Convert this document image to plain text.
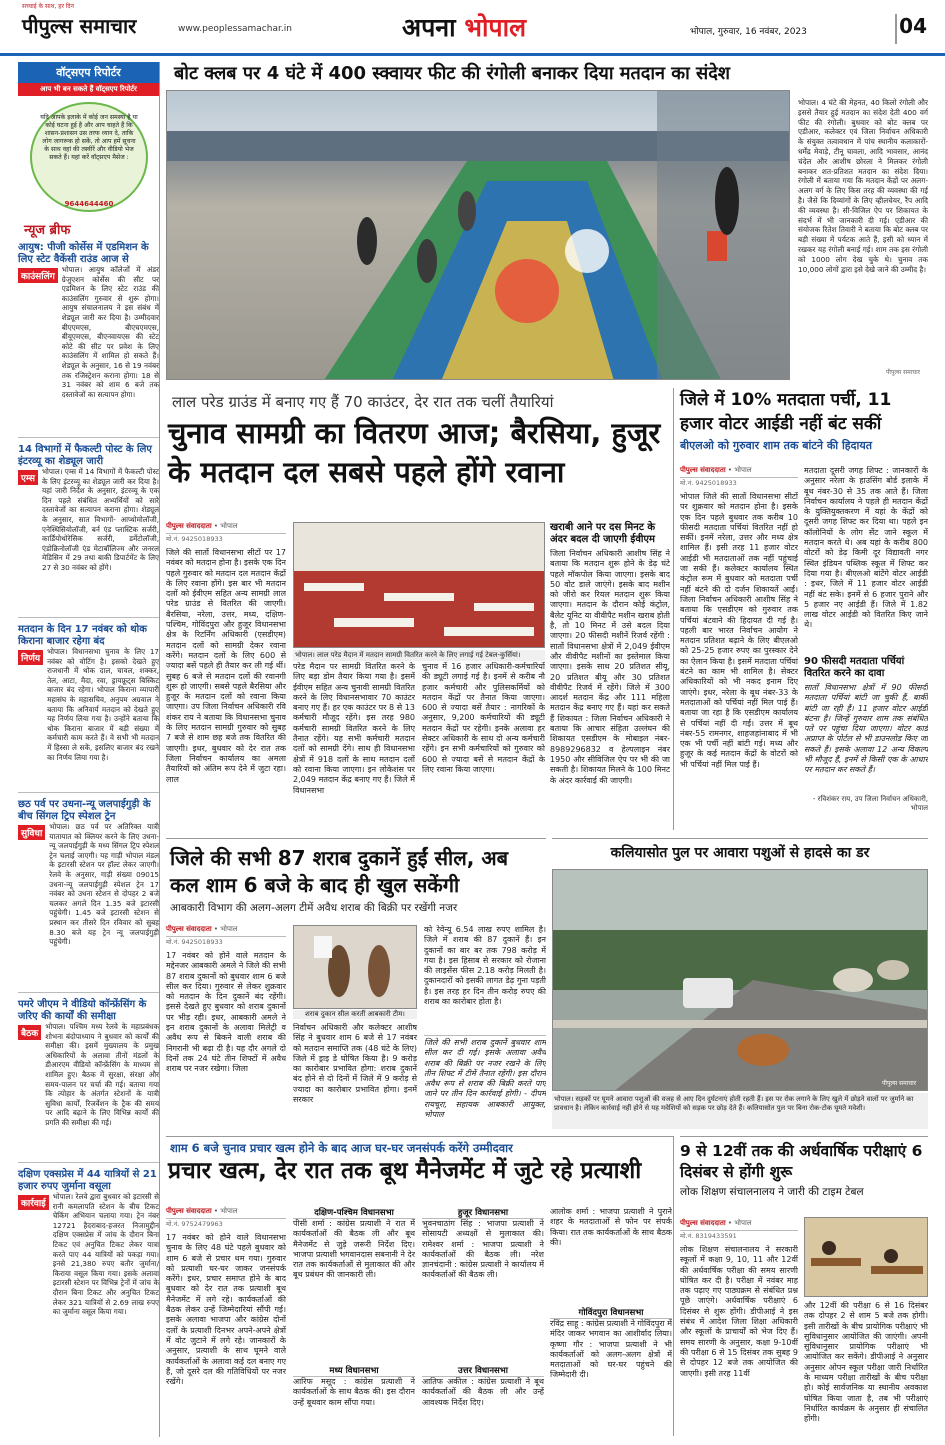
पीपुल्स समाचार
सच्चाई के साथ, हर दिन
www.peoplessamachar.in	अपना भोपाल	भोपाल, गुरुवार, 16 नवंबर, 2023	04
वॉट्सएप रिपोर्टर
आप भी बन सकते हैं वॉट्सएप रिपोर्टर
यदि आपके इलाके में कोई जन समस्या है या कोई घटना हुई है और आप चाहते हैं कि शासन-प्रशासन उस तरफ ध्यान दे, ताकि लोग जागरूक हो सकें, तो आप हमें सूचना के साथ वहां की तस्वीरें और वीडियो भेज सकते हैं। यहां करें वॉट्सएप मैसेज :
9644644460
न्यूज ब्रीफ
आयुष: पीजी कोर्सेस में एडमिशन के लिए स्टेट वैकेंसी राउंड आज से
काउंसलिंग
भोपाल। आयुष कॉलेजों में अंडर ग्रेजुएशन कोर्सेस की सीट पर एडमिशन के लिए स्टेट राउंड की काउंसलिंग गुरुवार से शुरू होगा। आयुष संचालनालय ने इस संबंध में शेड्यूल जारी कर दिया है। उम्मीदवार बीएएमएस, बीएचएमएस, बीयूएमएस, बीएनवायएस की स्टेट कोटे की सीट पर प्रवेश के लिए काउंसलिंग में शामिल हो सकते हैं। शेड्यूल के अनुसार, 16 से 19 नवंबर तक रजिस्ट्रेशन कराना होगा। 18 से 31 नवंबर को शाम 6 बजे तक दस्तावेजों का सत्यापन होगा।
14 विभागों में फैकल्टी पोस्ट के लिए इंटरव्यू का शेड्यूल जारी
एम्स
भोपाल। एम्स में 14 विभागों में फैकल्टी पोस्ट के लिए इंटरव्यू का शेड्यूल जारी कर दिया है। यहां जारी निर्देश के अनुसार, इंटरव्यू के एक दिन पहले संबंधित अभ्यर्थियों को सारे दस्तावेजों का सत्यापन कराना होगा। शेड्यूल के अनुसार, सात विभागों- आप्थोमोलॉजी, एनेस्थिसियोलॉजी, बर्न एंड प्लास्टिक सर्जरी, कार्डियोथोरेसिक सर्जरी, डर्मेटोलॉजी, एंडोक्रिनोलॉजी एंड मेटाबॉलिज्म और जनरल मेडिसिन में 29 तथा बाकी डिपार्टमेंट के लिए 27 से 30 नवंबर को होंगे।
मतदान के दिन 17 नवंबर को थोक किराना बाजार रहेगा बंद
निर्णय
भोपाल। विधानसभा चुनाव के लिए 17 नवंबर को वोटिंग है। इसको देखते हुए राजधानी में थोक दाल, चावल, शक्कर, तेल, आटा, मैदा, रवा, ड्रायफ्रूट्स बिस्किट बाजार बंद रहेगा। भोपाल किराना व्यापारी महासंघ के महासचिव, अनुपम अग्रवाल ने बताया कि अनिवार्य मतदान को देखते हुए यह निर्णय लिया गया है। उन्होंने बताया कि थोक किराना बाजार में बड़ी संख्या में कर्मचारी काम करते हैं। वे सभी भी मतदान में हिस्सा ले सकें, इसलिए बाजार बंद रखने का निर्णय लिया गया है।
छठ पर्व पर उधना-न्यू जलपाईगुड़ी के बीच सिंगल ट्रिप स्पेशल ट्रेन
सुविधा
भोपाल। छठ पर्व पर अतिरिक्त यात्री यातायात को क्लियर करने के लिए उधना-न्यू जलपाईगुड़ी के मध्य सिंगल ट्रिप स्पेशल ट्रेन चलाई जाएगी। यह गाड़ी भोपाल मंडल के इटारसी स्टेशन पर हॉल्ट लेकर जाएगी। रेलवे के अनुसार, गाड़ी संख्या 09015 उधना-न्यू जलपाईगुड़ी स्पेशल ट्रेन 17 नवंबर को उधना स्टेशन से दोपहर 2 बजे चलकर अगले दिन 1.35 बजे इटारसी पहुंचेगी। 1.45 बजे इटारसी स्टेशन से प्रस्थान कर तीसरे दिन रविवार को सुबह 8.30 बजे यह ट्रेन न्यू जलपाईगुड़ी पहुंचेगी।
पमरे जीएम ने वीडियो कॉन्फ्रेंसिंग के जरिए की कार्यों की समीक्षा
बैठक
भोपाल। पश्चिम मध्य रेलवे के महाप्रबंधक शोभना बंदोपाध्याय ने बुधवार को कार्यों की समीक्षा की। इसमें मुख्यालय के प्रमुख अधिकारियों के अलावा तीनों मंडलों के डीआरएम वीडियो कॉन्फ्रेंसिंग के माध्यम से शामिल हुए। बैठक में सुरक्षा, संरक्षा और समय-पालन पर चर्चा की गई। बताया गया कि त्योहार के अंतर्गत स्टेशनों के यात्री सुविधा कार्यों, रिजर्वेशन के ट्रैक की समय पर आदि बढ़ाने के लिए विभिन्न कार्यों की प्रगति की समीक्षा की गई।
दक्षिण एक्सप्रेस में 44 यात्रियों से 21 हजार रुपए जुर्माना वसूला
कार्रवाई
भोपाल। रेलवे द्वारा बुधवार को इटारसी से रानी कमलापति स्टेशन के बीच टिकट चेकिंग अभियान चलाया गया। ट्रेन नंबर 12721 हैदराबाद-हजरत निजामुद्दीन दक्षिण एक्सप्रेस में जांच के दौरान बिना टिकट एवं अनुचित टिकट लेकर यात्रा करते पाए 44 यात्रियों को पकड़ा गया। इनसे 21,380 रुपए बतौर जुर्माना/किराया वसूल किया गया। इसके अलावा इटारसी स्टेशन पर विभिन्न ट्रेनों में जांच के दौरान बिना टिकट और अनुचित टिकट लेकर 321 यात्रियों से 2.69 लाख रुपए का जुर्माना वसूल किया गया।
बोट क्लब पर 4 घंटे में 400 स्क्वायर फीट की रंगोली बनाकर दिया मतदान का संदेश
भोपाल। 4 घंटे की मेहनत, 40 किलो रंगोली और इससे तैयार हुई मतदान का संदेश देती 400 वर्ग फीट की रंगोली। बुधवार को बोट क्लब पर एडीआर, कलेक्टर एवं जिला निर्वाचन अधिकारी के संयुक्त तत्वावधान में पांच स्थानीय कलाकारों-धर्मेंद्र मेवाड़े, टीनू चावला, आदि भावसार, आनंद चंदेल और आशीष छोरला ने मिलकर रंगोली बनाकर शत-प्रतिशत मतदान का संदेश दिया। रंगोली में बताया गया कि मतदान केंद्रों पर अलग-अलग वर्ग के लिए किस तरह की व्यवस्था की गई है। जैसे कि दिव्यांगों के लिए व्हीलचेयर, रैंप आदि की व्यवस्था है। सी-विजिल ऐप पर शिकायत के संदर्भ में भी जानकारी दी गई। एडीआर की संयोजक रितेश तिवारी ने बताया कि बोट क्लब पर बड़ी संख्या में पर्यटक आते हैं, इसी को ध्यान में रखकर यह रंगोली बनाई गई। शाम तक इस रंगोली को 1000 लोग देख चुके थे। चुनाव तक 10,000 लोगों द्वारा इसे देखे जाने की उम्मीद है।
पीपुल्स समाचार
लाल परेड ग्राउंड में बनाए गए हैं 70 काउंटर, देर रात तक चलीं तैयारियां
चुनाव सामग्री का वितरण आज; बैरसिया, हुजूर के मतदान दल सबसे पहले होंगे रवाना
पीपुल्स संवाददाता • भोपाल
मो.नं. 9425018933
जिले की सातों विधानसभा सीटों पर 17 नवंबर को मतदान होना है। इसके एक दिन पहले गुरुवार को मतदान दल मतदान केंद्रों के लिए रवाना होंगे। इस बार भी मतदान दलों को ईवीएम सहित अन्य सामग्री लाल परेड ग्राउंड से वितरित की जाएगी। बैरसिया, नरेला, उत्तर, मध्य, दक्षिण-पश्चिम, गोविंदपुरा और हुजूर विधानसभा क्षेत्र के रिटर्निंग अधिकारी (एसडीएम) मतदान दलों को सामग्री देकर रवाना करेंगे। मतदान दलों के लिए 600 से ज्यादा बसें पहले ही तैयार कर ली गई थीं। सुबह 6 बजे से मतदान दलों की रवानगी शुरू हो जाएगी। सबसे पहले बैरसिया और हुजूर के मतदान दलों को रवाना किया जाएगा। उप जिला निर्वाचन अधिकारी रवि शंकर राय ने बताया कि विधानसभा चुनाव के लिए मतदान सामग्री गुरुवार को सुबह 7 बजे से शाम छह बजे तक वितरित की जाएगी। इधर, बुधवार को देर रात तक जिला निर्वाचन कार्यालय का अमला तैयारियों को अंतिम रूप देने में जुटा रहा। लाल
भोपाल। लाल परेड मैदान में मतदान सामग्री वितरित करने के लिए लगाई गई टेबल-कुर्सियां।
परेड मैदान पर सामग्री वितरित करने के लिए बड़ा डोम तैयार किया गया है। इसमें ईवीएम सहित अन्य चुनावी सामग्री वितरित करने के लिए विधानसभावार 70 काउंटर बनाए गए हैं। हर एक काउंटर पर 8 से 13 कर्मचारी मौजूद रहेंगे। इस तरह 980 कर्मचारी सामग्री वितरित करने के लिए तैनात रहेंगे। यह सभी कर्मचारी मतदान दलों को सामग्री देंगे। साथ ही विधानसभा क्षेत्रों में 918 दलों के साथ मतदान दलों को रवाना किया जाएगा। इन लोकेशंस पर 2,049 मतदान केंद्र बनाए गए हैं। जिले में विधानसभा
चुनाव में 16 हजार अधिकारी-कर्मचारियों की ड्यूटी लगाई गई है। इनमें से करीब नौ हजार कर्मचारी और पुलिसकर्मियों को मतदान केंद्रों पर तैनात किया जाएगा। 600 से ज्यादा बसें तैयार : नागरिकों के अनुसार, 9,200 कर्मचारियों की ड्यूटी मतदान केंद्रों पर रहेगी। इनके अलावा हर सेक्टर अधिकारी के साथ दो अन्य कर्मचारी रहेंगे। इन सभी कर्मचारियों को गुरुवार को 600 से ज्यादा बसें से मतदान केंद्रों के लिए रवाना किया जाएगा।
खराबी आने पर दस मिनट के अंदर बदल दी जाएगी ईवीएम
जिला निर्वाचन अधिकारी आशीष सिंह ने बताया कि मतदान शुरू होने के डेढ़ घंटे पहले मॉकपोल किया जाएगा। इसके बाद 50 वोट डाले जाएंगे। इसके बाद मशीन को जीरो कर रियल मतदान शुरू किया जाएगा। मतदान के दौरान कोई कंट्रोल, बैलेट यूनिट या वीवीपैट मशीन खराब होती है, तो 10 मिनट में उसे बदल दिया जाएगा। 20 फीसदी मशीनें रिजर्व रहेंगी : सातों विधानसभा क्षेत्रों में 2,049 ईवीएम और वीवीपैट मशीनों का इस्तेमाल किया जाएगा। इसके साथ 20 प्रतिशत सीयू, 20 प्रतिशत बीयू और 30 प्रतिशत वीवीपैट रिजर्व में रहेंगे। जिले में 300 आदर्श मतदान केंद्र और 111 महिला मतदान केंद्र बनाए गए हैं। यहां कर सकते हैं शिकायत : जिला निर्वाचन अधिकारी ने बताया कि आचार संहिता उल्लंघन की शिकायत एसडीएम के मोबाइल नंबर- 8989296832 व हेल्पलाइन नंबर 1950 और सीविजिल ऐप पर भी की जा सकती है। शिकायत मिलने के 100 मिनट के अंदर कार्रवाई की जाएगी।
जिले में 10% मतदाता पर्ची, 11 हजार वोटर आईडी नहीं बंट सकीं
बीएलओ को गुरुवार शाम तक बांटने की हिदायत
पीपुल्स संवाददाता • भोपाल
मो.नं. 9425018933
भोपाल जिले की सातों विधानसभा सीटों पर शुक्रवार को मतदान होना है। इसके एक दिन पहले बुधवार तक करीब 10 फीसदी मतदाता पर्चियां वितरित नहीं हो सकीं। इनमें नरेला, उत्तर और मध्य क्षेत्र शामिल हैं। इसी तरह 11 हजार वोटर आईडी भी मतदाताओं तक नहीं पहुंचाई जा सकी हैं। कलेक्टर कार्यालय स्थित कंट्रोल रूम में बुधवार को मतदाता पर्ची नहीं बंटने की दो दर्जन शिकायतें आईं। जिला निर्वाचन अधिकारी आशीष सिंह ने बताया कि एसडीएम को गुरुवार तक पर्चियां बंटवाने की हिदायत दी गई है। पहली बार भारत निर्वाचन आयोग ने मतदान प्रतिशत बढ़ाने के लिए बीएलओ को 25-25 हजार रुपए का पुरस्कार देने का ऐलान किया है। इसमें मतदाता पर्चियां बंटने का काम भी शामिल है। सेक्टर अधिकारियों को भी नकद इनाम दिए जाएंगे। इधर, नरेला के बूथ नंबर-33 के मतदाताओं को पर्चियां नहीं मिल पाई हैं। बताया जा रहा है कि एसडीएम कार्यालय से पर्चियां नहीं दी गईं। उत्तर में बूथ नंबर-55 रामनगर, शाहजहांनाबाद में भी एक भी पर्ची नहीं बांटी गई। मध्य और हुजूर के कई मतदान केंद्रों के वोटरों को भी पर्चियां नहीं मिल पाई हैं।
मतदाता दूसरी जगह शिफ्ट : जानकारों के अनुसार नरेला के हाउसिंग बोर्ड इलाके में बूथ नंबर-30 से 35 तक आते हैं। जिला निर्वाचन कार्यालय ने पहले ही मतदान केंद्रों के युक्तियुक्तकरण में यहां के केंद्रों को दूसरी जगह शिफ्ट कर दिया था। पहले इन कॉलोनियों के लोग सेंट जाने स्कूल में मतदान करते थे। अब यहां के करीब 800 वोटरों को डेढ़ किमी दूर विद्यावती नगर स्थित इंडियन पब्लिक स्कूल में शिफ्ट कर दिया गया है। बीएलओ बांटेंगे वोटर आईडी : इधर, जिले में 11 हजार वोटर आईडी नहीं बंट सके। इनमें से 6 हजार पुराने और 5 हजार नए आईडी हैं। जिले में 1.82 लाख वोटर आईडी को वितरित किए जाने थे।
90 फीसदी मतदाता पर्चियां वितरित करने का दावा
सातों विधानसभा क्षेत्रों में 90 फीसदी मतदाता पर्चियां बांटी जा चुकी हैं, बाकी बांटी जा रही हैं। 11 हजार वोटर आईडी बंटना है। जिन्हें गुरुवार शाम तक संबंधित पते पर पहुंचा दिया जाएगा। वोटर कार्ड अप्राप्त के पोर्टल से भी डाउनलोड किए जा सकते हैं। इसके अलावा 12 अन्य विकल्प भी मौजूद हैं, इनमें से किसी एक के आधार पर मतदान कर सकते हैं।
- रविशंकर राय, उप जिला निर्वाचन अधिकारी, भोपाल
जिले की सभी 87 शराब दुकानें हुईं सील, अब कल शाम 6 बजे के बाद ही खुल सकेंगी
आबकारी विभाग की अलग-अलग टीमें अवैध शराब की बिक्री पर रखेंगी नजर
पीपुल्स संवाददाता • भोपाल
मो.नं. 9425018933
17 नवंबर को होने वाले मतदान के मद्देनजर आबकारी अमले ने जिले की सभी 87 शराब दुकानों को बुधवार शाम 6 बजे सील कर दिया। गुरुवार से लेकर शुक्रवार को मतदान के दिन दुकानें बंद रहेंगी। इससे देखते हुए बुधवार को शराब दुकानों पर भीड़ रही। इधर, आबकारी अमले ने इन शराब दुकानों के अलावा मिलेट्री व अवैध रूप से बिकने वाली शराब की निगरानी भी बढ़ा दी है। यह दौर अगले दो दिनों तक 24 घंटे तीन शिफ्टों में अवैध शराब पर नजर रखेगा। जिला
शराब दुकान सील करतीं आबकारी टीम।
निर्वाचन अधिकारी और कलेक्टर आशीष सिंह ने बुधवार शाम 6 बजे से 17 नवंबर को मतदान समाप्ति तक (48 घंटे के लिए) जिले में ड्राइ डे घोषित किया है। 9 करोड़ का कारोबार प्रभावित होगा: शराब दुकानें बंद होने से दो दिनों में जिले में 9 करोड़ से ज्यादा का कारोबार प्रभावित होगा। इनमें सरकार
को रेवेन्यू 6.54 लाख रुपए शामिल है। जिले में शराब की 87 दुकानें हैं। इन दुकानों का बार बर तक 798 करोड़ में गया है। इस हिसाब से सरकार को रोजाना की लाइसेंस फीस 2.18 करोड़ मिलती है। दुकानदारों को इसकी लागत डेढ़ गुना पड़ती है। इस तरह हर दिन तीन करोड़ रुपए की शराब का कारोबार होता है।
जिले की सभी शराब दुकानें बुधवार शाम सील कर दी गई। इसके अलावा अवैध शराब की बिक्री पर नजर रखने के लिए तीन शिफ्ट में टीमें तैनात रहेंगी। इस दौरान अवैध रूप से शराब की बिक्री करते पाए जाने पर तीन दिन कार्रवाई होगी। - दीपम रायचूरा, सहायक आबकारी आयुक्त, भोपाल
कलियासोत पुल पर आवारा पशुओं से हादसे का डर
भोपाल। सड़कों पर घूमने आवारा पशुओं की वजह से आए दिन दुर्घटनाएं होती रहती हैं। इस पर रोक लगाने के लिए खुले में छोड़ने वालों पर जुर्माने का प्रावधान है। लेकिन कार्रवाई नहीं होने से यह मवेशियों को सड़क पर छोड़ देते हैं। कलियासोत पुल पर बिना रोक-टोक घूमते मवेशी।
पीपुल्स समाचार
शाम 6 बजे चुनाव प्रचार खत्म होने के बाद आज घर-घर जनसंपर्क करेंगे उम्मीदवार
प्रचार खत्म, देर रात तक बूथ मैनेजमेंट में जुटे रहे प्रत्याशी
पीपुल्स संवाददाता • भोपाल
मो.नं. 9752479963
17 नवंबर को होने वाले विधानसभा चुनाव के लिए 48 घंटे पहले बुधवार को शाम 6 बजे से प्रचार थम गया। गुरुवार को प्रत्याशी घर-घर जाकर जनसंपर्क करेंगे। इधर, प्रचार समाप्त होने के बाद बुधवार को देर रात तक प्रत्याशी बूथ मैनेजमेंट में लगे रहे। कार्यकर्ताओं की बैठक लेकर उन्हें जिम्मेदारियां सौंपी गई। इसके अलावा भाजपा और कांग्रेस दोनों दलों के प्रत्याशी दिनभर अपने-अपने क्षेत्रों में वोट जुटाने में लगे रहे। जानकारों के अनुसार, प्रत्याशी के साथ घूमने वाले कार्यकर्ताओं के अलावा कई दल बनाए गए हैं, जो दूसरे दल की गतिविधियों पर नजर रखेंगे।
दक्षिण-पश्चिम विधानसभा
पीसी शर्मा : कांग्रेस प्रत्याशी ने रात में कार्यकर्ताओं की बैठक ली और बूथ मैनेजमेंट से जुड़े जरूरी निर्देश दिए। भाजपा प्रत्याशी भगवानदास सबनानी ने देर रात तक कार्यकर्ताओं से मुलाकात की और बूथ प्रबंधन की जानकारी ली।
मध्य विधानसभा
आरिफ मसूद : कांग्रेस प्रत्याशी ने कार्यकर्ताओं के साथ बैठक की। इस दौरान उन्हें बूथवार काम सौंपा गया।
हुजूर विधानसभा
भुवनचाठांग सिंह : भाजपा प्रत्याशी ने सोसायटी अध्यक्षों से मुलाकात की। रामेश्वर शर्मा : भाजपा प्रत्याशी ने कार्यकर्ताओं की बैठक ली। नरेश ज्ञानचंदानी : कांग्रेस प्रत्याशी ने कार्यालय में कार्यकर्ताओं की बैठक ली।
उत्तर विधानसभा
आतिफ अकील : कांग्रेस प्रत्याशी ने बूथ कार्यकर्ताओं की बैठक ली और उन्हें आवश्यक निर्देश दिए।
आलोक शर्मा : भाजपा प्रत्याशी ने पुराने शहर के मतदाताओं से फोन पर संपर्क किया। रात तक कार्यकर्ताओं के साथ बैठक की।
गोविंदपुरा विधानसभा
रविंद्र साहू : कांग्रेस प्रत्याशी ने गोविंदपुरा में मंदिर जाकर भगवान का आशीर्वाद लिया। कृष्णा गौर : भाजपा प्रत्याशी ने भी कार्यकर्ताओं को अलग-अलग क्षेत्रों में मतदाताओं को घर-घर पहुंचने की जिम्मेदारी दी।
9 से 12वीं तक की अर्धवार्षिक परीक्षाएं 6 दिसंबर से होंगी शुरू
लोक शिक्षण संचालनालय ने जारी की टाइम टेबल
पीपुल्स संवाददाता • भोपाल
मो.नं. 8319433591
लोक शिक्षण संचालनालय ने सरकारी स्कूलों में कक्षा 9, 10, 11 और 12वीं की अर्धवार्षिक परीक्षा की समय सारणी घोषित कर दी है। परीक्षा में नवंबर माह तक पढ़ाए गए पाठ्यक्रम से संबंधित प्रश्न पूछे जाएंगे। अर्धवार्षिक परीक्षाएं 6 दिसंबर से शुरू होंगी। डीपीआई ने इस संबंध में आदेश जिला शिक्षा अधिकारी और स्कूलों के प्राचार्यों को भेज दिए हैं। समय सारणी के अनुसार, कक्षा 9-10वीं की परीक्षा 6 से 15 दिसंबर तक सुबह 9 से दोपहर 12 बजे तक आयोजित की जाएगी। इसी तरह 11वीं
और 12वीं की परीक्षा 6 से 16 दिसंबर तक दोपहर 2 से शाम 5 बजे तक होगी। इसी तारीखों के बीच प्रायोगिक परीक्षाएं भी सुविधानुसार आयोजित की जाएंगी। अपनी सुविधानुसार प्रायोगिक परीक्षाएं भी आयोजित कर सकेंगे। डीपीआई ने अनुसार अनुसार ओपन स्कूल परीक्षा जारी निर्धारित के माध्यम परीक्षा तारीखों के बीच परीक्षा हो। कोई सार्वजनिक या स्थानीय अवकाश घोषित किया जाता है, तब भी परीक्षाएं निर्धारित कार्यक्रम के अनुसार ही संचालित होंगी।
